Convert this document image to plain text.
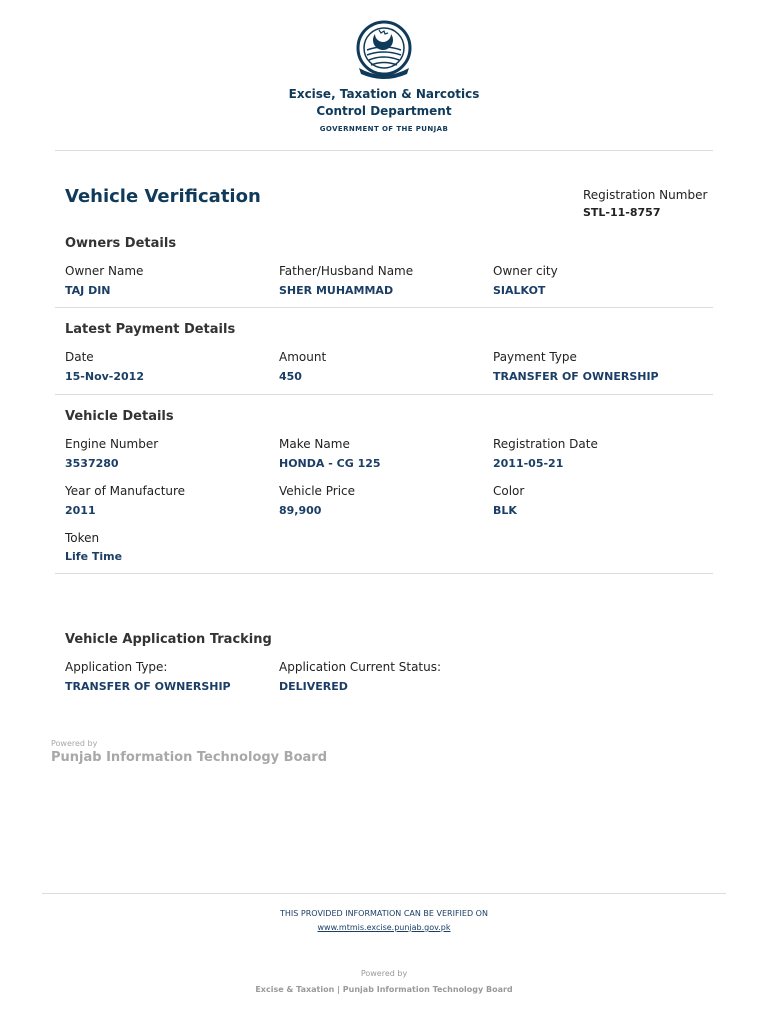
Excise, Taxation & Narcotics
Control Department
GOVERNMENT OF THE PUNJAB
Vehicle Verification	Registration Number
STL-11-8757
Owners Details
Owner Name
TAJ DIN
Father/Husband Name
SHER MUHAMMAD
Owner city
SIALKOT
Latest Payment Details
Date
15-Nov-2012
Amount
450
Payment Type
TRANSFER OF OWNERSHIP
Vehicle Details
Engine Number
3537280
Make Name
HONDA - CG 125
Registration Date
2011-05-21
Year of Manufacture
2011
Vehicle Price
89,900
Color
BLK
Token
Life Time
Vehicle Application Tracking
Application Type:
TRANSFER OF OWNERSHIP
Application Current Status:
DELIVERED
Powered by
Punjab Information Technology Board
THIS PROVIDED INFORMATION CAN BE VERIFIED ON
www.mtmis.excise.punjab.gov.pk
Powered by
Excise & Taxation | Punjab Information Technology Board
